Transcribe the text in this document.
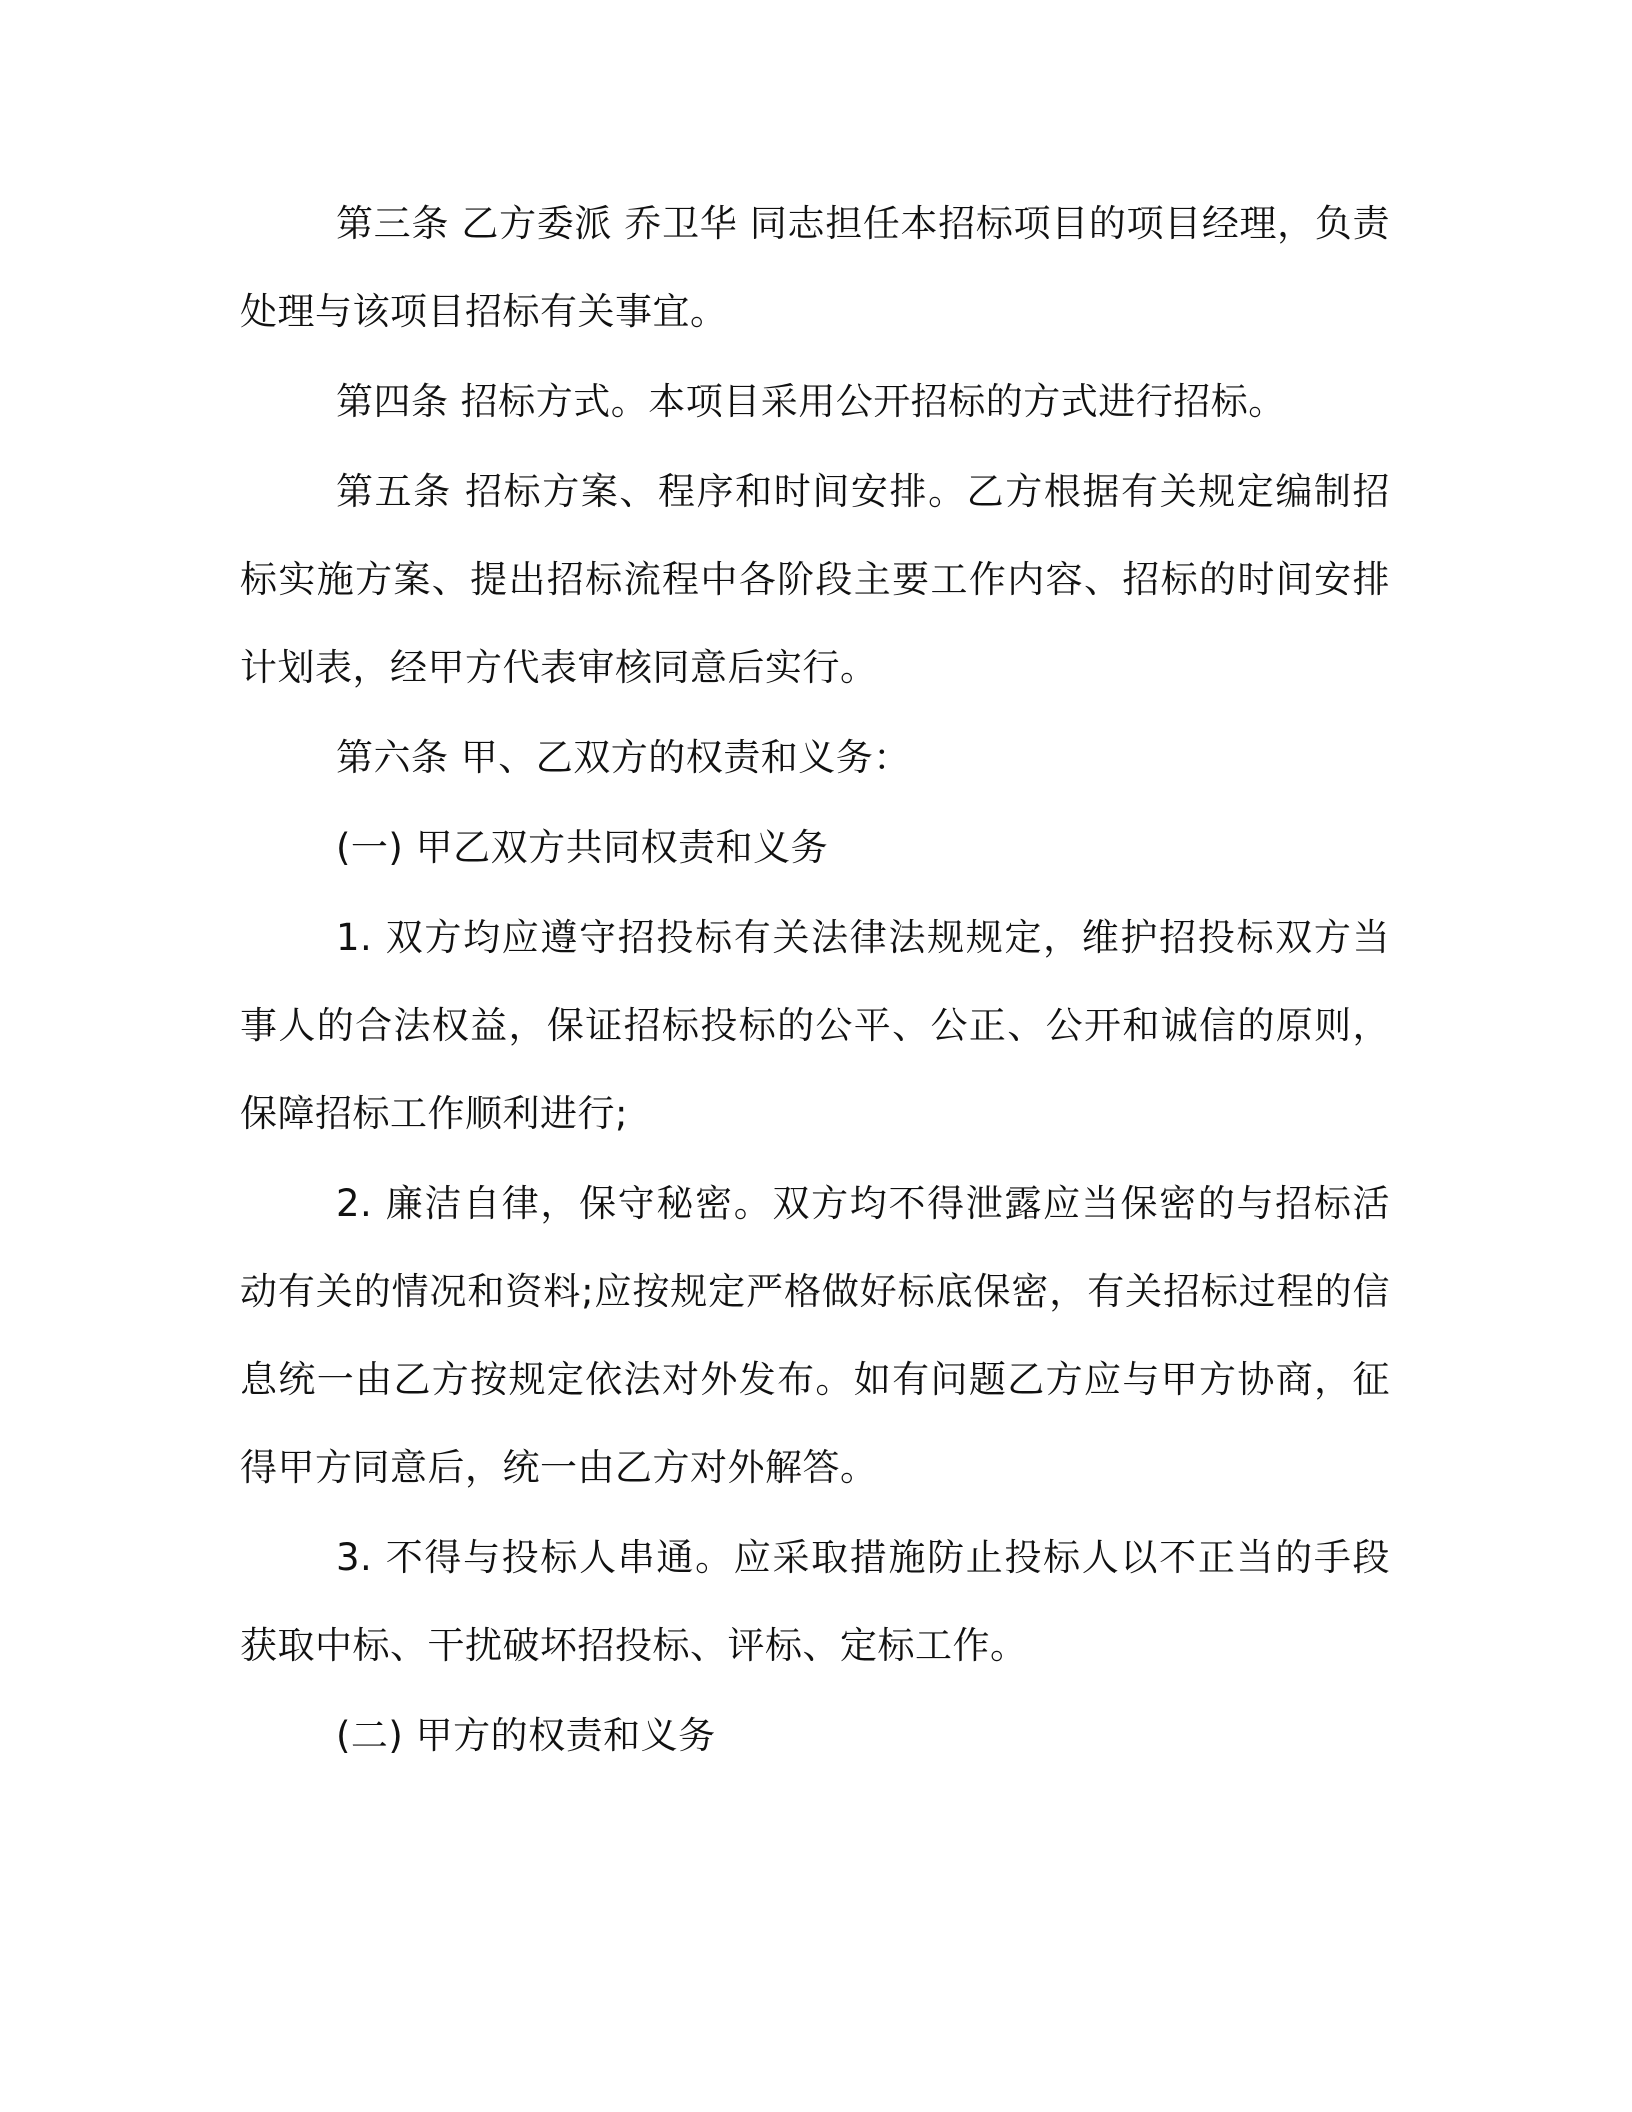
第三条 乙方委派 乔卫华 同志担任本招标项目的项目经理，负责处理与该项目招标有关事宜。

第四条 招标方式。本项目采用公开招标的方式进行招标。

第五条 招标方案、程序和时间安排。乙方根据有关规定编制招标实施方案、提出招标流程中各阶段主要工作内容、招标的时间安排计划表，经甲方代表审核同意后实行。

第六条 甲、乙双方的权责和义务：

(一) 甲乙双方共同权责和义务

1. 双方均应遵守招投标有关法律法规规定，维护招投标双方当事人的合法权益，保证招标投标的公平、公正、公开和诚信的原则，保障招标工作顺利进行;

2. 廉洁自律，保守秘密。双方均不得泄露应当保密的与招标活动有关的情况和资料;应按规定严格做好标底保密，有关招标过程的信息统一由乙方按规定依法对外发布。如有问题乙方应与甲方协商，征得甲方同意后，统一由乙方对外解答。

3. 不得与投标人串通。应采取措施防止投标人以不正当的手段获取中标、干扰破坏招投标、评标、定标工作。

(二) 甲方的权责和义务
